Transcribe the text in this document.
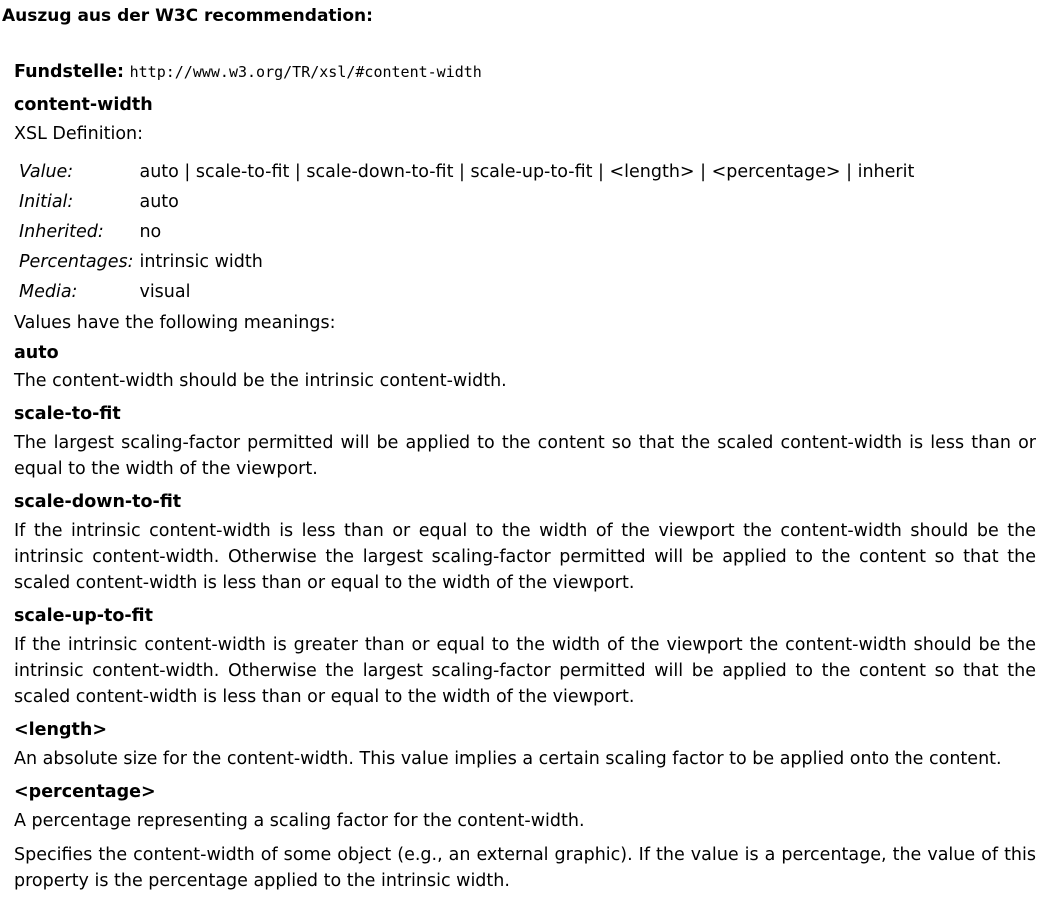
Auszug aus der W3C recommendation:
Fundstelle: http://www.w3.org/TR/xsl/#content-width
content-width
XSL Definition:
Value:	auto | scale-to-fit | scale-down-to-fit | scale-up-to-fit | <length> | <percentage> | inherit
Initial:	auto
Inherited:	no
Percentages:	intrinsic width
Media:	visual
Values have the following meanings:
auto
The content-width should be the intrinsic content-width.
scale-to-fit
The largest scaling-factor permitted will be applied to the content so that the scaled content-width is less than or equal to the width of the viewport.
scale-down-to-fit
If the intrinsic content-width is less than or equal to the width of the viewport the content-width should be the intrinsic content-width. Otherwise the largest scaling-factor permitted will be applied to the content so that the scaled content-width is less than or equal to the width of the viewport.
scale-up-to-fit
If the intrinsic content-width is greater than or equal to the width of the viewport the content-width should be the intrinsic content-width. Otherwise the largest scaling-factor permitted will be applied to the content so that the scaled content-width is less than or equal to the width of the viewport.
<length>
An absolute size for the content-width. This value implies a certain scaling factor to be applied onto the content.
<percentage>
A percentage representing a scaling factor for the content-width.
Specifies the content-width of some object (e.g., an external graphic). If the value is a percentage, the value of this property is the percentage applied to the intrinsic width.
